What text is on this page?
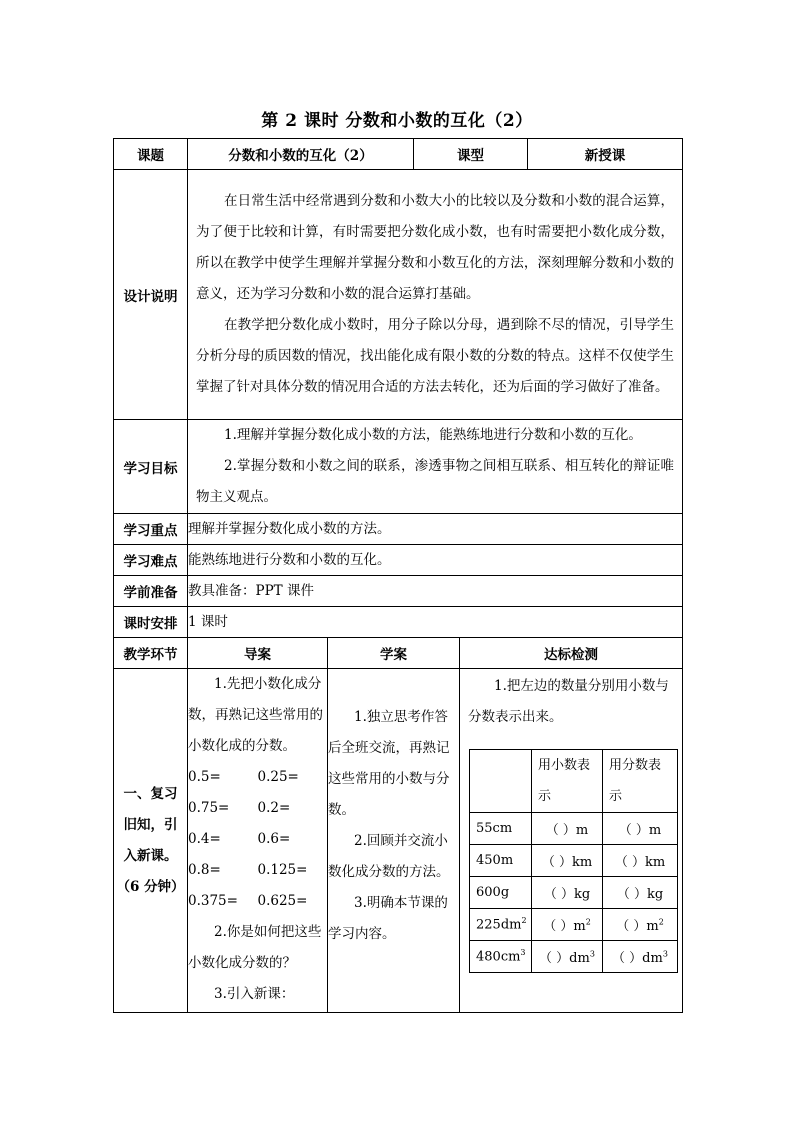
第 2 课时 分数和小数的互化（2）
课题	分数和小数的互化（2）	课型	新授课
设计说明	

在日常生活中经常遇到分数和小数大小的比较以及分数和小数的混合运算，为了便于比较和计算，有时需要把分数化成小数，也有时需要把小数化成分数，所以在教学中使学生理解并掌握分数和小数互化的方法，深刻理解分数和小数的意义，还为学习分数和小数的混合运算打基础。

在教学把分数化成小数时，用分子除以分母，遇到除不尽的情况，引导学生分析分母的质因数的情况，找出能化成有限小数的分数的特点。这样不仅使学生掌握了针对具体分数的情况用合适的方法去转化，还为后面的学习做好了准备。

学习目标	

1.理解并掌握分数化成小数的方法，能熟练地进行分数和小数的互化。

2.掌握分数和小数之间的联系，渗透事物之间相互联系、相互转化的辩证唯物主义观点。

学习重点	理解并掌握分数化成小数的方法。
学习难点	能熟练地进行分数和小数的互化。
学前准备	教具准备：PPT 课件
课时安排	1 课时
教学环节	导案	学案	达标检测

一、复习
旧知，引
入新课。
（6 分钟）

1.先把小数化成分数，再熟记这些常用的小数化成的分数。

0.5=	0.25=
0.75=	0.2=
0.4=	0.6=
0.8=	0.125=
0.375=	0.625=

2.你是如何把这些小数化成分数的？

3.引入新课：

1.独立思考作答后全班交流，再熟记这些常用的小数与分数。

2.回顾并交流小数化成分数的方法。

3.明确本节课的学习内容。

1.把左边的数量分别用小数与分数表示出来。

	用小数表示	用分数表示
55cm	（ ）m	（ ）m
450m	（ ）km	（ ）km
600g	（ ）kg	（ ）kg
$225dm^2$	（ ）$m^2$	（ ）$m^2$
$480cm^3$	（ ）$dm^3$	（ ）$dm^3$
